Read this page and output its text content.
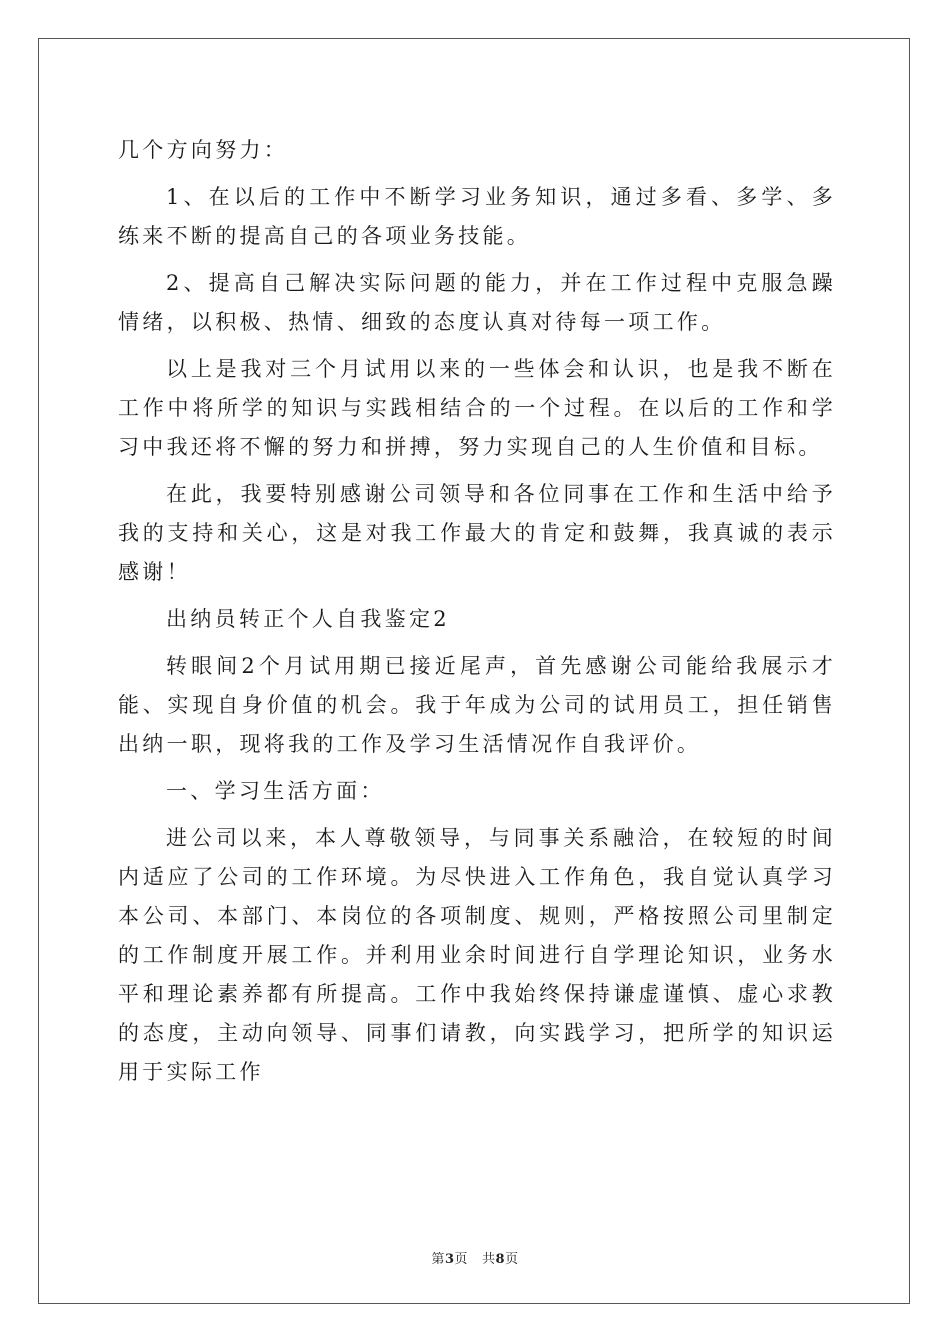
几个方向努力：

1、在以后的工作中不断学习业务知识，通过多看、多学、多练来不断的提高自己的各项业务技能。

2、提高自己解决实际问题的能力，并在工作过程中克服急躁情绪，以积极、热情、细致的态度认真对待每一项工作。

以上是我对三个月试用以来的一些体会和认识，也是我不断在工作中将所学的知识与实践相结合的一个过程。在以后的工作和学习中我还将不懈的努力和拼搏，努力实现自己的人生价值和目标。

在此，我要特别感谢公司领导和各位同事在工作和生活中给予我的支持和关心，这是对我工作最大的肯定和鼓舞，我真诚的表示感谢！

出纳员转正个人自我鉴定2

转眼间2个月试用期已接近尾声，首先感谢公司能给我展示才能、实现自身价值的机会。我于年成为公司的试用员工，担任销售出纳一职，现将我的工作及学习生活情况作自我评价。

一、学习生活方面：

进公司以来，本人尊敬领导，与同事关系融洽，在较短的时间内适应了公司的工作环境。为尽快进入工作角色，我自觉认真学习本公司、本部门、本岗位的各项制度、规则，严格按照公司里制定的工作制度开展工作。并利用业余时间进行自学理论知识，业务水平和理论素养都有所提高。工作中我始终保持谦虚谨慎、虚心求教的态度，主动向领导、同事们请教，向实践学习，把所学的知识运用于实际工作

第3页 共8页
